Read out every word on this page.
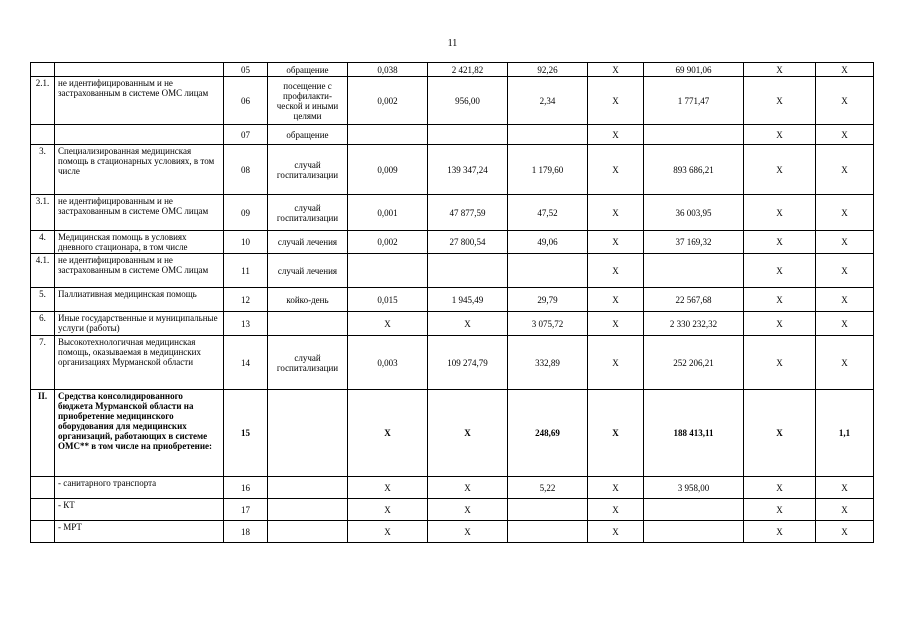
11
		05	обращение	0,038	2 421,82	92,26	X	69 901,06	X	X
2.1.	не идентифицированным и не застрахованным в системе ОМС лицам	06	посещение с профилакти-ческой и иными целями	0,002	956,00	2,34	X	1 771,47	X	X
		07	обращение				X		X	X
3.	Специализированная медицинская помощь в стационарных условиях, в том числе	08	случай госпитализации	0,009	139 347,24	1 179,60	X	893 686,21	X	X
3.1.	не идентифицированным и не застрахованным в системе ОМС лицам	09	случай госпитализации	0,001	47 877,59	47,52	X	36 003,95	X	X
4.	Медицинская помощь в условиях дневного стационара, в том числе	10	случай лечения	0,002	27 800,54	49,06	X	37 169,32	X	X
4.1.	не идентифицированным и не застрахованным в системе ОМС лицам	11	случай лечения				X		X	X
5.	Паллиативная медицинская помощь	12	койко-день	0,015	1 945,49	29,79	X	22 567,68	X	X
6.	Иные государственные и муниципальные услуги (работы)	13		X	X	3 075,72	X	2 330 232,32	X	X
7.	Высокотехнологичная медицинская помощь, оказываемая в медицинских организациях Мурманской области	14	случай госпитализации	0,003	109 274,79	332,89	X	252 206,21	X	X
II.	Средства консолидированного бюджета Мурманской области на приобретение медицинского оборудования для медицинских организаций, работающих в системе ОМС** в том числе на приобретение:	15		X	X	248,69	X	188 413,11	X	1,1
	- санитарного транспорта	16		X	X	5,22	X	3 958,00	X	X
	- КТ	17		X	X		X		X	X
	- МРТ	18		X	X		X		X	X
